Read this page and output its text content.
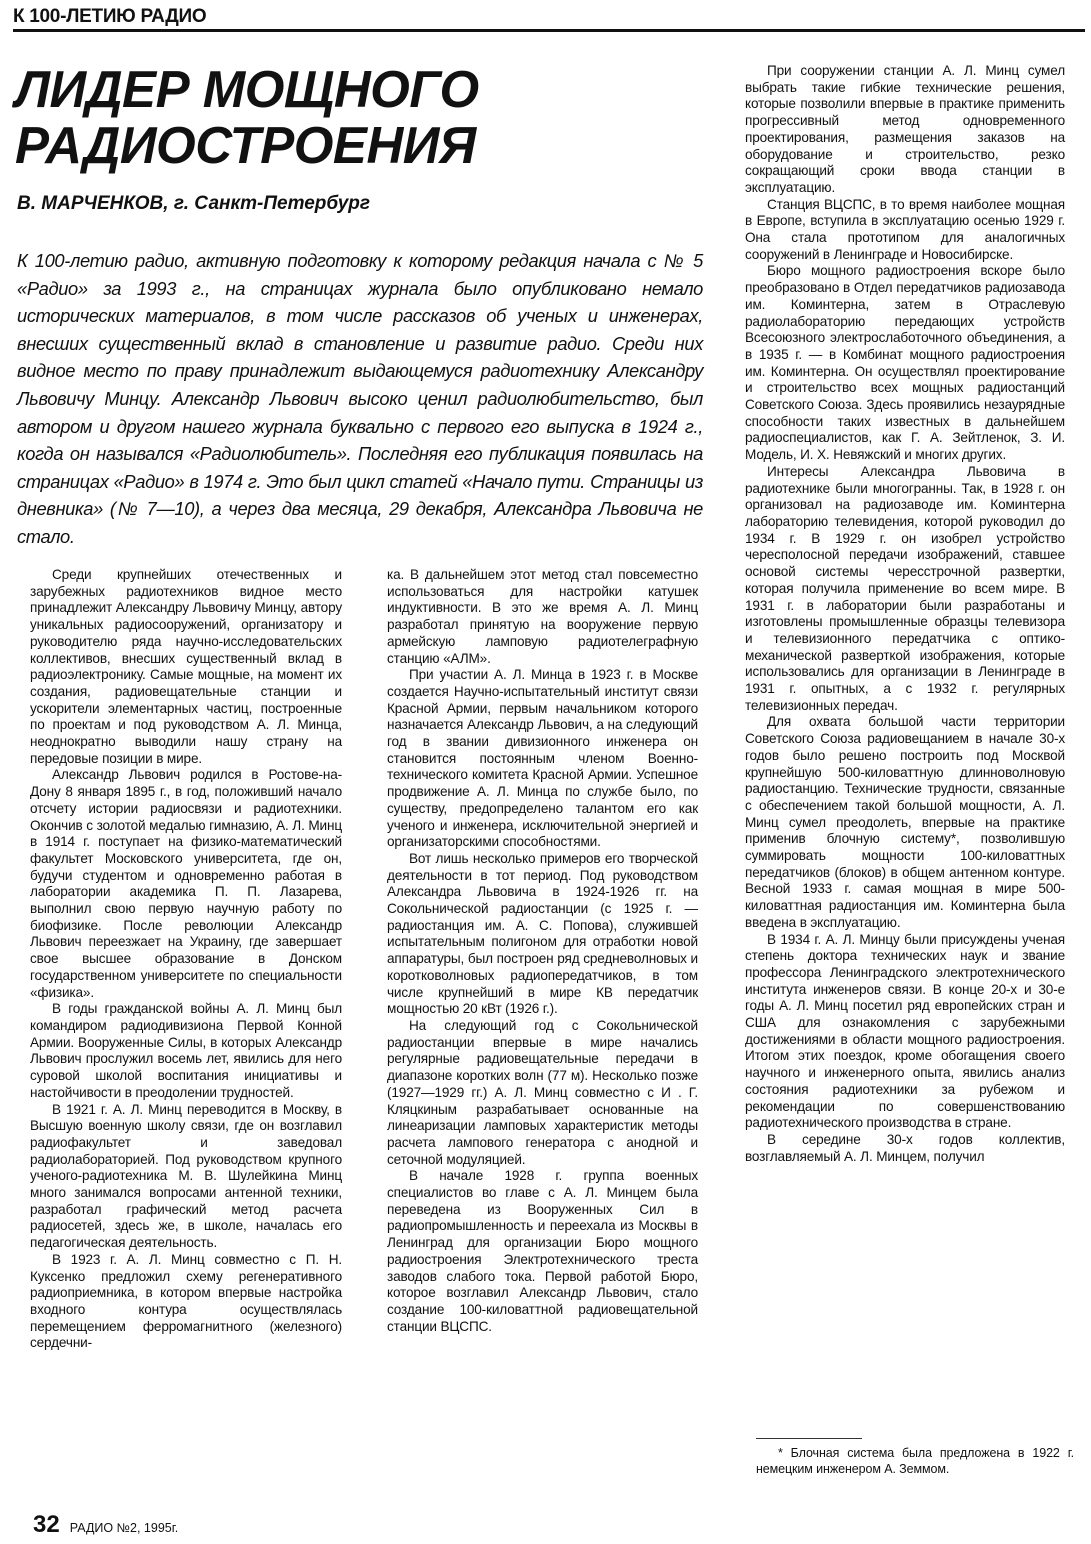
К 100-ЛЕТИЮ РАДИО
ЛИДЕР МОЩНОГО
РАДИОСТРОЕНИЯ
В. МАРЧЕНКОВ, г. Санкт-Петербург

К 100-летию радио, активную подготовку к которому редакция начала с № 5 «Радио» за 1993 г., на страницах журнала было опубликовано немало исторических материалов, в том числе рассказов об ученых и инженерах, внесших существенный вклад в становление и развитие радио. Среди них видное место по праву принадлежит выдающемуся радиотехнику Александру Львовичу Минцу. Александр Львович высоко ценил радиолюбительство, был автором и другом нашего журнала буквально с первого его выпуска в 1924 г., когда он назывался «Радиолюбитель». Последняя его публикация появилась на страницах «Радио» в 1974 г. Это был цикл статей «Начало пути. Страницы из дневника» (№ 7—10), а через два месяца, 29 декабря, Александра Львовича не стало.

Среди крупнейших отечественных и зарубежных радиотехников видное место принадлежит Александру Львовичу Минцу, автору уникальных радиосооружений, организатору и руководителю ряда научно-исследовательских коллективов, внесших существенный вклад в радиоэлектронику. Самые мощные, на момент их создания, радиовещательные станции и ускорители элементарных частиц, построенные по проектам и под руководством А. Л. Минца, неоднократно выводили нашу страну на передовые позиции в мире.

Александр Львович родился в Ростове-на-Дону 8 января 1895 г., в год, положивший начало отсчету истории радиосвязи и радиотехники. Окончив с золотой медалью гимназию, А. Л. Минц в 1914 г. поступает на физико-математический факультет Московского университета, где он, будучи студентом и одновременно работая в лаборатории академика П. П. Лазарева, выполнил свою первую научную работу по биофизике. После революции Александр Львович переезжает на Украину, где завершает свое высшее образование в Донском государственном университете по специальности «физика».

В годы гражданской войны А. Л. Минц был командиром радиодивизиона Первой Конной Армии. Вооруженные Силы, в которых Александр Львович прослужил восемь лет, явились для него суровой школой воспитания инициативы и настойчивости в преодолении трудностей.

В 1921 г. А. Л. Минц переводится в Москву, в Высшую военную школу связи, где он возглавил радиофакультет и заведовал радиолабораторией. Под руководством крупного ученого-радиотехника М. В. Шулейкина Минц много занимался вопросами антенной техники, разработал графический метод расчета радиосетей, здесь же, в школе, началась его педагогическая деятельность.

В 1923 г. А. Л. Минц совместно с П. Н. Куксенко предложил схему регенеративного радиоприемника, в котором впервые настройка входного контура осуществлялась перемещением ферромагнитного (железного) сердечни-

ка. В дальнейшем этот метод стал повсеместно использоваться для настройки катушек индуктивности. В это же время А. Л. Минц разработал принятую на вооружение первую армейскую ламповую радиотелеграфную станцию «АЛМ».

При участии А. Л. Минца в 1923 г. в Москве создается Научно-испытательный институт связи Красной Армии, первым начальником которого назначается Александр Львович, а на следующий год в звании дивизионного инженера он становится постоянным членом Военно-технического комитета Красной Армии. Успешное продвижение А. Л. Минца по службе было, по существу, предопределено талантом его как ученого и инженера, исключительной энергией и организаторскими способностями.

Вот лишь несколько примеров его творческой деятельности в тот период. Под руководством Александра Львовича в 1924-1926 гг. на Сокольнической радиостанции (с 1925 г. — радиостанция им. А. С. Попова), служившей испытательным полигоном для отработки новой аппаратуры, был построен ряд средневолновых и коротковолновых радиопередатчиков, в том числе крупнейший в мире КВ передатчик мощностью 20 кВт (1926 г.).

На следующий год с Сокольнической радиостанции впервые в мире начались регулярные радиовещательные передачи в диапазоне коротких волн (77 м). Несколько позже (1927—1929 гг.) А. Л. Минц совместно с И . Г. Кляцкиным разрабатывает основанные на линеаризации ламповых характеристик методы расчета лампового генератора с анодной и сеточной модуляцией.

В начале 1928 г. группа военных специалистов во главе с А. Л. Минцем была переведена из Вооруженных Сил в радиопромышленность и переехала из Москвы в Ленинград для организации Бюро мощного радиостроения Электротехнического треста заводов слабого тока. Первой работой Бюро, которое возглавил Александр Львович, стало создание 100-киловаттной радиовещательной станции ВЦСПС.

При сооружении станции А. Л. Минц сумел выбрать такие гибкие технические решения, которые позволили впервые в практике применить прогрессивный метод одновременного проектирования, размещения заказов на оборудование и строительство, резко сокращающий сроки ввода станции в эксплуатацию.

Станция ВЦСПС, в то время наиболее мощная в Европе, вступила в эксплуатацию осенью 1929 г. Она стала прототипом для аналогичных сооружений в Ленинграде и Новосибирске.

Бюро мощного радиостроения вскоре было преобразовано в Отдел передатчиков радиозавода им. Коминтерна, затем в Отраслевую радиолабораторию передающих устройств Всесоюзного электрослаботочного объединения, а в 1935 г. — в Комбинат мощного радиостроения им. Коминтерна. Он осуществлял проектирование и строительство всех мощных радиостанций Советского Союза. Здесь проявились незаурядные способности таких известных в дальнейшем радиоспециалистов, как Г. А. Зейтленок, З. И. Модель, И. Х. Невяжский и многих других.

Интересы Александра Львовича в радиотехнике были многогранны. Так, в 1928 г. он организовал на радиозаводе им. Коминтерна лабораторию телевидения, которой руководил до 1934 г. В 1929 г. он изобрел устройство чересполосной передачи изображений, ставшее основой системы чересстрочной развертки, которая получила применение во всем мире. В 1931 г. в лаборатории были разработаны и изготовлены промышленные образцы телевизора и телевизионного передатчика с оптико-механической разверткой изображения, которые использовались для организации в Ленинграде в 1931 г. опытных, а с 1932 г. регулярных телевизионных передач.

Для охвата большой части территории Советского Союза радиовещанием в начале 30-х годов было решено построить под Москвой крупнейшую 500-киловаттную длинноволновую радиостанцию. Технические трудности, связанные с обеспечением такой большой мощности, А. Л. Минц сумел преодолеть, впервые на практике применив блочную систему*, позволившую суммировать мощности 100-киловаттных передатчиков (блоков) в общем антенном контуре. Весной 1933 г. самая мощная в мире 500-киловаттная радиостанция им. Коминтерна была введена в эксплуатацию.

В 1934 г. А. Л. Минцу были присуждены ученая степень доктора технических наук и звание профессора Ленинградского электротехнического института инженеров связи. В конце 20-х и 30-е годы А. Л. Минц посетил ряд европейских стран и США для ознакомления с зарубежными достижениями в области мощного радиостроения. Итогом этих поездок, кроме обогащения своего научного и инженерного опыта, явились анализ состояния радиотехники за рубежом и рекомендации по совершенствованию радиотехнического производства в стране.

В середине 30-х годов коллектив, возглавляемый А. Л. Минцем, получил

* Блочная система была предложена в 1922 г. немецким инженером А. Земмом.

32 РАДИО №2, 1995г.
